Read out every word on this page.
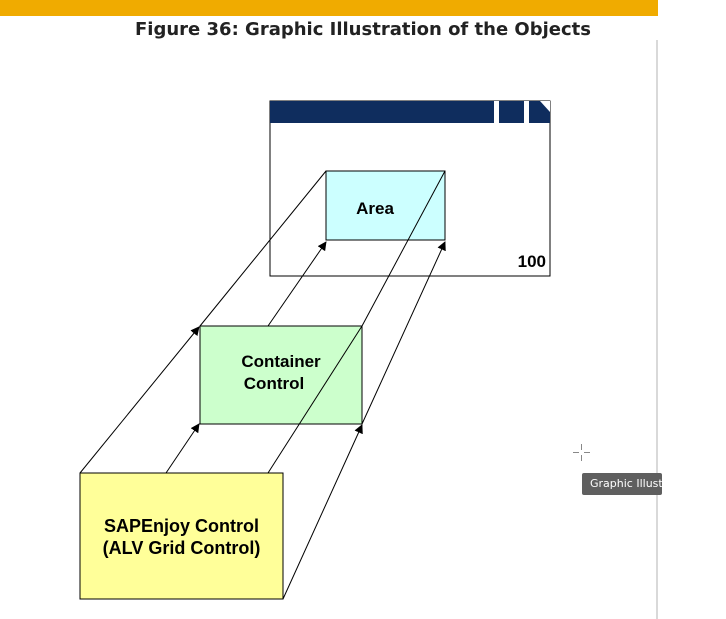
Figure 36: Graphic Illustration of the Objects
100
Area
Container
Control
SAPEnjoy Control
(ALV Grid Control)
Graphic Illustra
